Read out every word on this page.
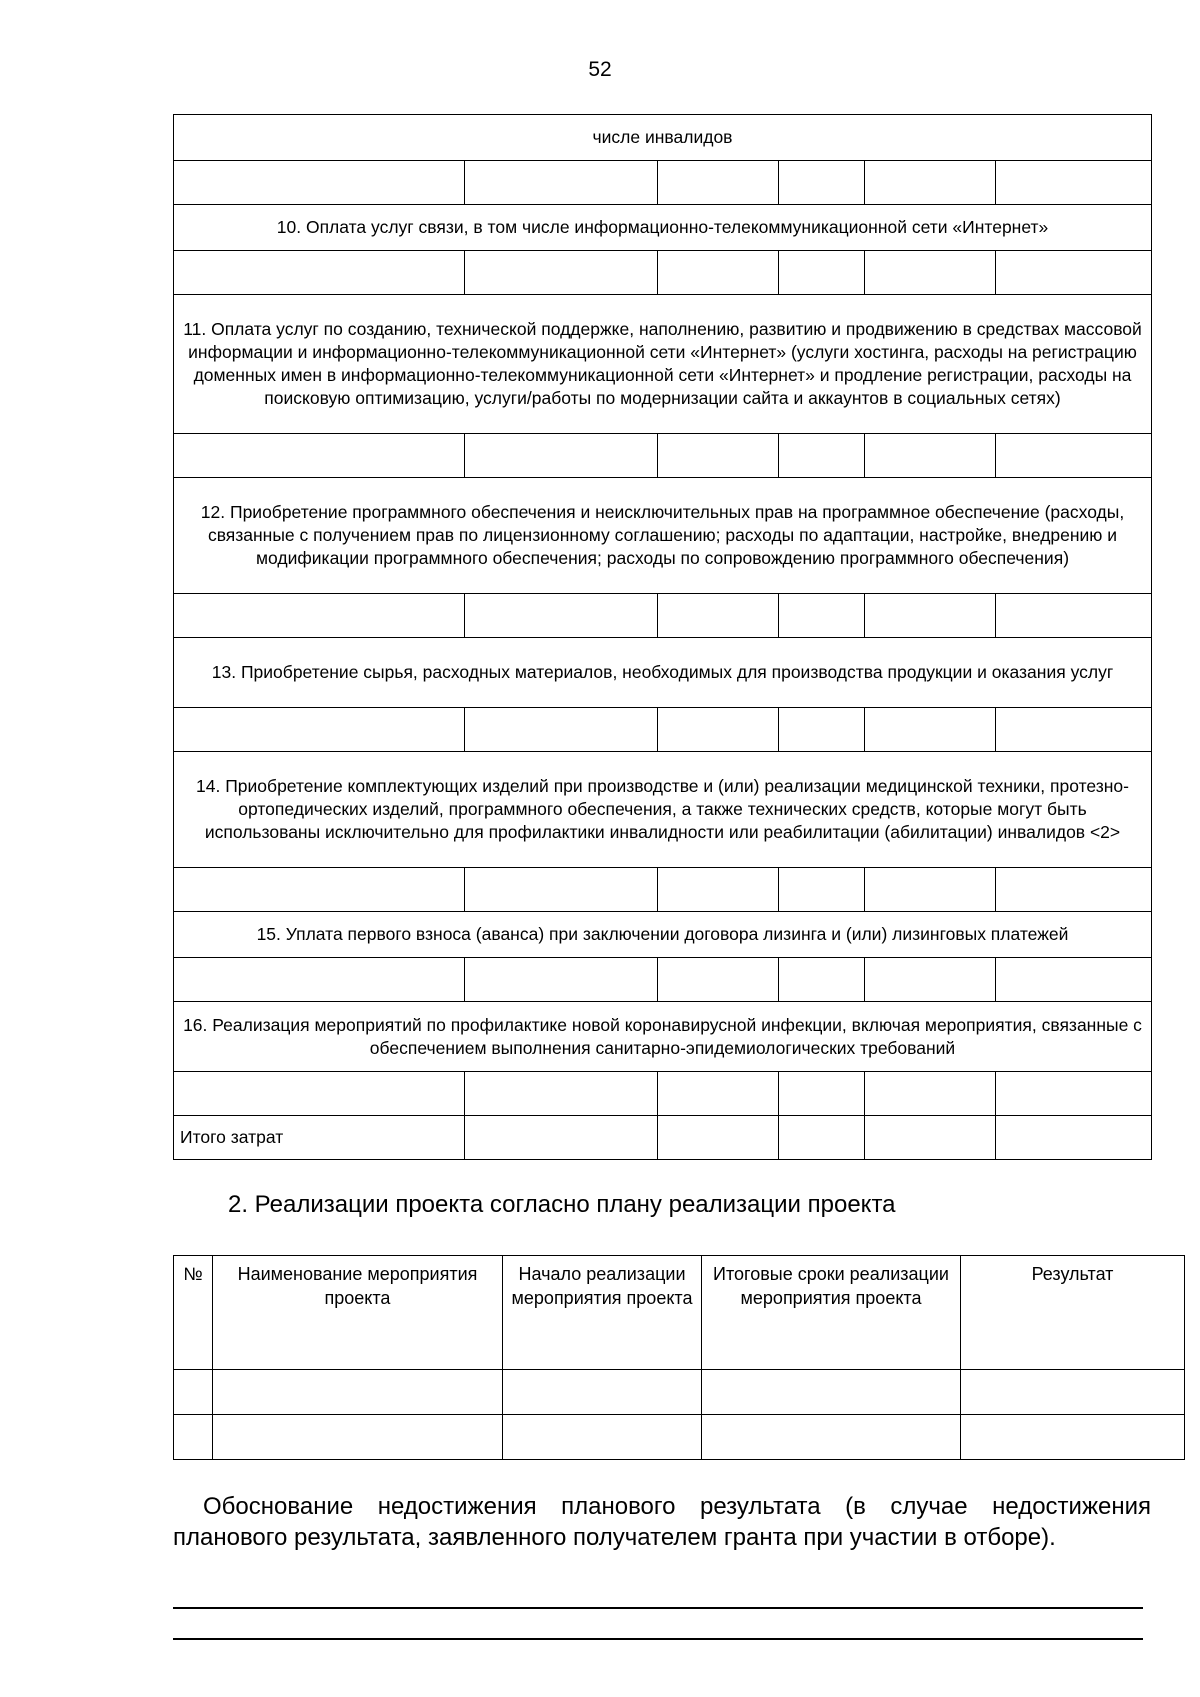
52
числе инвалидов					

10. Оплата услуг связи, в том числе информационно-телекоммуникационной сети «Интернет»					

11. Оплата услуг по созданию, технической поддержке, наполнению, развитию и продвижению в средствах массовой информации и информационно-телекоммуникационной сети «Интернет» (услуги хостинга, расходы на регистрацию доменных имен в информационно-телекоммуникационной сети «Интернет» и продление регистрации, расходы на поисковую оптимизацию, услуги/работы по модернизации сайта и аккаунтов в социальных сетях)					

12. Приобретение программного обеспечения и неисключительных прав на программное обеспечение (расходы, связанные с получением прав по лицензионному соглашению; расходы по адаптации, настройке, внедрению и модификации программного обеспечения; расходы по сопровождению программного обеспечения)					

13. Приобретение сырья, расходных материалов, необходимых для производства продукции и оказания услуг					

14. Приобретение комплектующих изделий при производстве и (или) реализации медицинской техники, протезно-ортопедических изделий, программного обеспечения, а также технических средств, которые могут быть использованы исключительно для профилактики инвалидности или реабилитации (абилитации) инвалидов <2>					

15. Уплата первого взноса (аванса) при заключении договора лизинга и (или) лизинговых платежей					

16. Реализация мероприятий по профилактике новой коронавирусной инфекции, включая мероприятия, связанные с обеспечением выполнения санитарно-эпидемиологических требований					

Итого затрат					
2. Реализации проекта согласно плану реализации проекта
№	Наименование мероприятия проекта	Начало реализации мероприятия проекта	Итоговые сроки реализации мероприятия проекта	Результат

Обоснование недостижения планового результата (в случае недостижения
планового результата, заявленного получателем гранта при участии в отборе).
